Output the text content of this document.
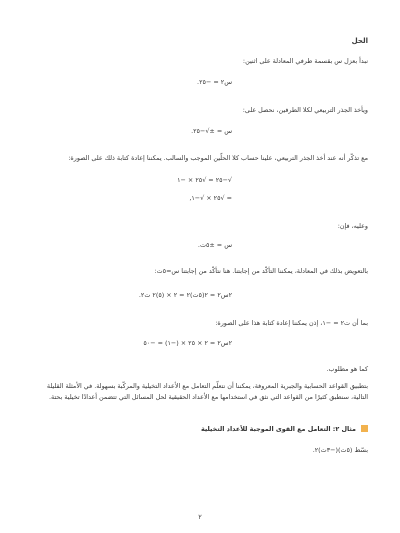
الحل
نبدأ بعزل س بقسمة طرفي المعادلة على اثنين:
س٢ = −٢٥.
ويأخذ الجذر التربيعي لكلا الطرفين، نحصل على:
س = ±√−٢٥.
مع تذكّر أنه عند أخذ الجذر التربيعي، علينا حساب كلا الحلّين الموجب والسالب. يمكننا إعادة كتابة ذلك على الصورة:
√−٢٥ = √٢٥ × −١
= √٢٥ × √−١,
وعليه، فإن:
س = ±٥ت.
بالتعويض بذلك في المعادلة، يمكننا التأكّد من إجابتنا. هنا نتأكّد من إجابتنا س=٥ت:
٢س٢ = ٢(٥ت)٢ = ٢ × (٥)٢ ت٢.
بما أن ت٢ = −١، إذن يمكننا إعادة كتابة هذا على الصورة:
٢س٢ = ٢ × ٢٥ × (−١) = −٥٠
كما هو مطلوب.
بتطبيق القواعد الحسابية والجبرية المعروفة، يمكننا أن نتعلّم التعامل مع الأعداد التخيلية والمركّبة بسهولة. في الأمثلة القليلة التالية، سنطبق كثيرًا من القواعد التي نثق في استخدامها مع الأعداد الحقيقية لحل المسائل التي تتضمن أعدادًا تخيلية بحتة.
مثال ٢: التعامل مع القوى الموجبة للأعداد التخيلية
بسّط (٥ت)(−٣ت)٢.
٢
